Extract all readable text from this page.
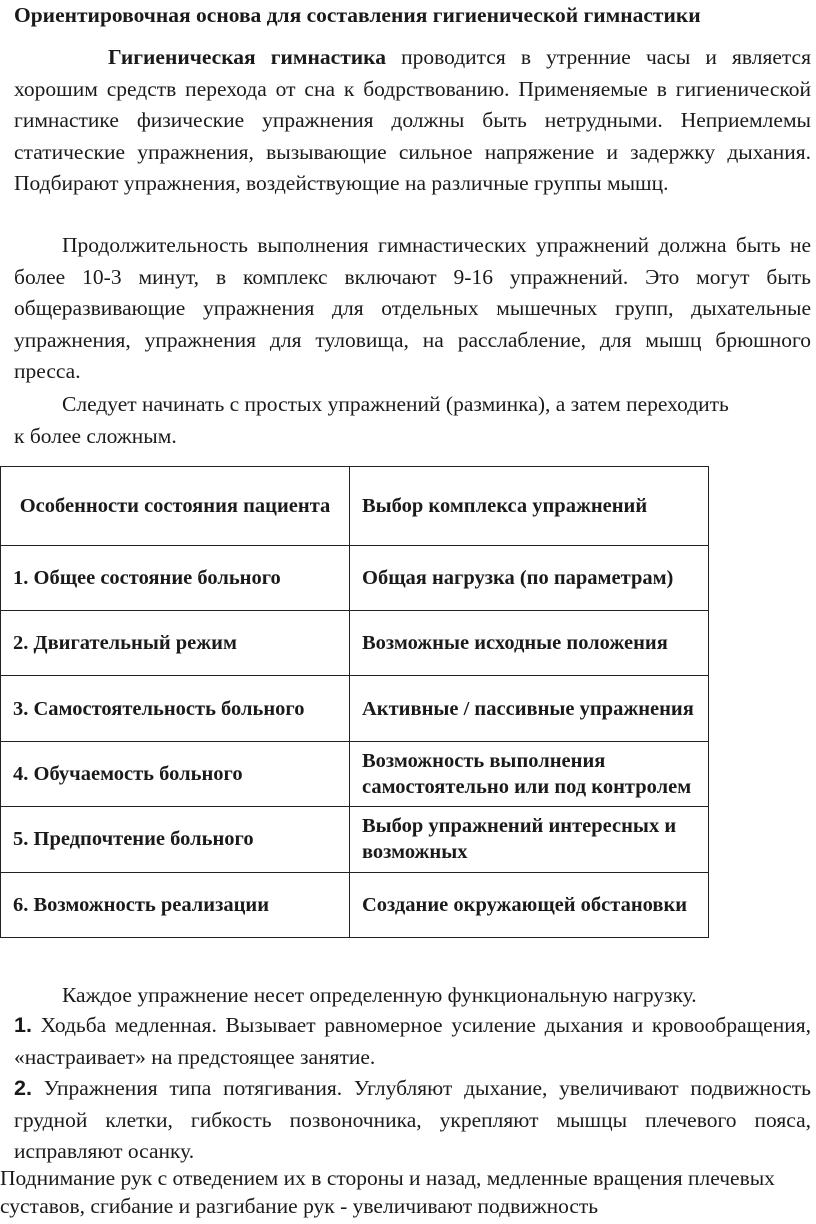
Ориентировочная основа для составления гигиенической гимнастики
Гигиеническая гимнастика проводится в утренние часы и является хорошим средств перехода от сна к бодрствованию. Применяемые в гигиенической гимнастике физические упражнения должны быть нетрудными. Неприемлемы статические упражнения, вызывающие сильное напряжение и задержку дыхания. Подбирают упражнения, воздействующие на различные группы мышц.
Продолжительность выполнения гимнастических упражнений должна быть не более 10-3 минут, в комплекс включают 9-16 упражнений. Это могут быть общеразвивающие упражнения для отдельных мышечных групп, дыхательные упражнения, упражнения для туловища, на расслабление, для мышц брюшного пресса.
Следует начинать с простых упражнений (разминка), а затем переходить
к более сложным.
Особенности состояния пациента	Выбор комплекса упражнений
1. Общее состояние больного	Общая нагрузка (по параметрам)

2. Двигательный режим	Возможные исходные положения

3. Самостоятельность больного	Активные / пассивные упражнения

4. Обучаемость больного	Возможность выполнения самостоятельно или под контролем

5. Предпочтение больного	Выбор упражнений интересных и возможных

6. Возможность реализации	Создание окружающей обстановки
Каждое упражнение несет определенную функциональную нагрузку.
1. Ходьба медленная. Вызывает равномерное усиление дыхания и кровообращения, «настраивает» на предстоящее занятие.
2. Упражнения типа потягивания. Углубляют дыхание, увеличивают подвижность грудной клетки, гибкость позвоночника, укрепляют мышцы плечевого пояса, исправляют осанку.
Поднимание рук с отведением их в стороны и назад, медленные вращения плечевых суставов, сгибание и разгибание рук - увеличивают подвижность
